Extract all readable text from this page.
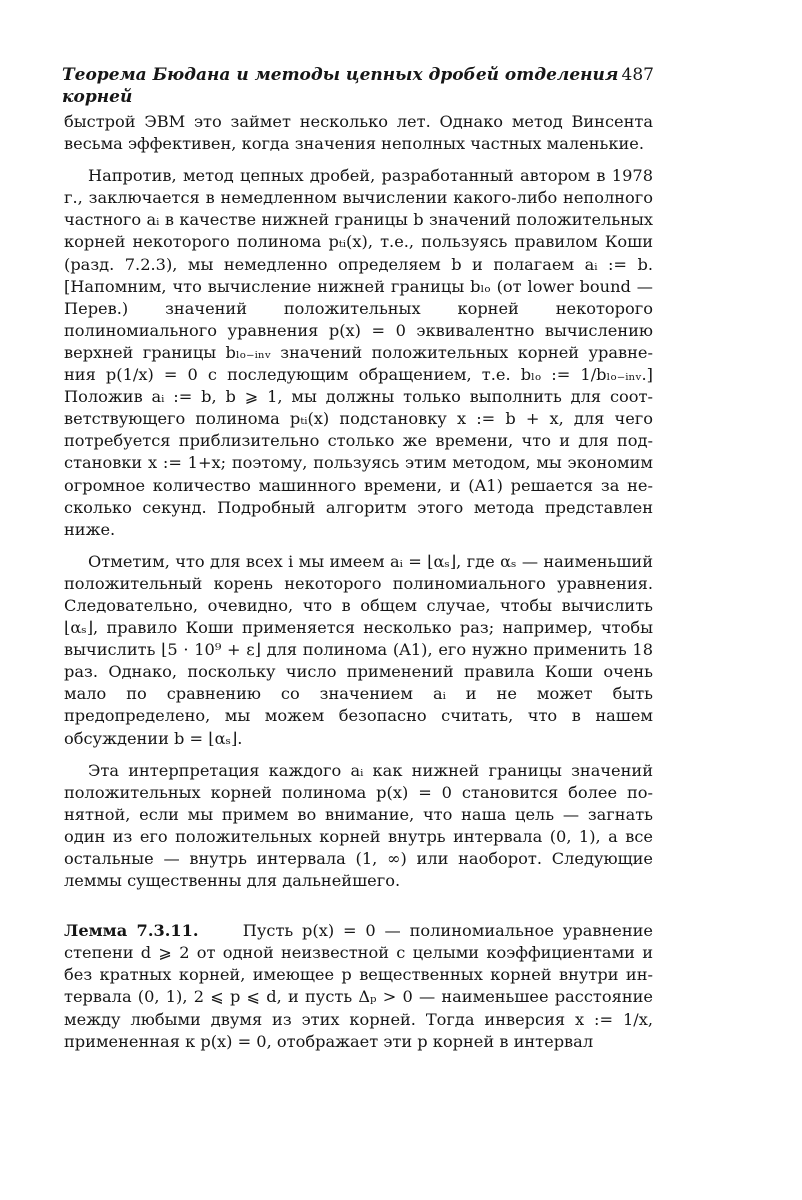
Теорема Бюдана и методы цепных дробей отделения корней
487

быстрой ЭВМ это займет несколько лет. Однако метод Винсента весьма эффективен, когда значения неполных частных маленькие.

Напротив, метод цепных дробей, разработанный автором в 1978 г., заключается в немедленном вычислении какого-либо неполного частного aᵢ в качестве нижней границы b значений положительных корней некоторого полинома pₜᵢ(x), т.е., пользуясь правилом Коши (разд. 7.2.3), мы немедленно определяем b и полагаем aᵢ := b. [Напомним, что вычисление нижней границы bₗₒ (от lower bound — Перев.) значений положительных корней некоторого полиномиального уравнения p(x) = 0 эквивалентно вычислению верхней границы bₗₒ₋ᵢₙᵥ значений положительных корней уравнения p(1/x) = 0 с последующим обращением, т.е. bₗₒ := 1/bₗₒ₋ᵢₙᵥ.] Положив aᵢ := b, b ⩾ 1, мы должны только выполнить для соответствующего полинома pₜᵢ(x) подстановку x := b + x, для чего потребуется приблизительно столько же времени, что и для подстановки x := 1+x; поэтому, пользуясь этим методом, мы экономим огромное количество машинного времени, и (A1) решается за несколько секунд. Подробный алгоритм этого метода представлен ниже.

Отметим, что для всех i мы имеем aᵢ = ⌊αₛ⌋, где αₛ — наименьший положительный корень некоторого полиномиального уравнения. Следовательно, очевидно, что в общем случае, чтобы вычислить ⌊αₛ⌋, правило Коши применяется несколько раз; например, чтобы вычислить ⌊5 · 10⁹ + ε⌋ для полинома (A1), его нужно применить 18 раз. Однако, поскольку число применений правила Коши очень мало по сравнению со значением aᵢ и не может быть предопределено, мы можем безопасно считать, что в нашем обсуждении b = ⌊αₛ⌋.

Эта интерпретация каждого aᵢ как нижней границы значений положительных корней полинома p(x) = 0 становится более понятной, если мы примем во внимание, что наша цель — загнать один из его положительных корней внутрь интервала (0, 1), а все остальные — внутрь интервала (1, ∞) или наоборот. Следующие леммы существенны для дальнейшего.

Лемма 7.3.11.	Пусть p(x) = 0 — полиномиальное уравнение степени d ⩾ 2 от одной неизвестной с целыми коэффициентами и без кратных корней, имеющее p вещественных корней внутри интервала (0, 1), 2 ⩽ p ⩽ d, и пусть Δₚ > 0 — наименьшее расстояние между любыми двумя из этих корней. Тогда инверсия x := 1/x, примененная к p(x) = 0, отображает эти p корней в интервал
